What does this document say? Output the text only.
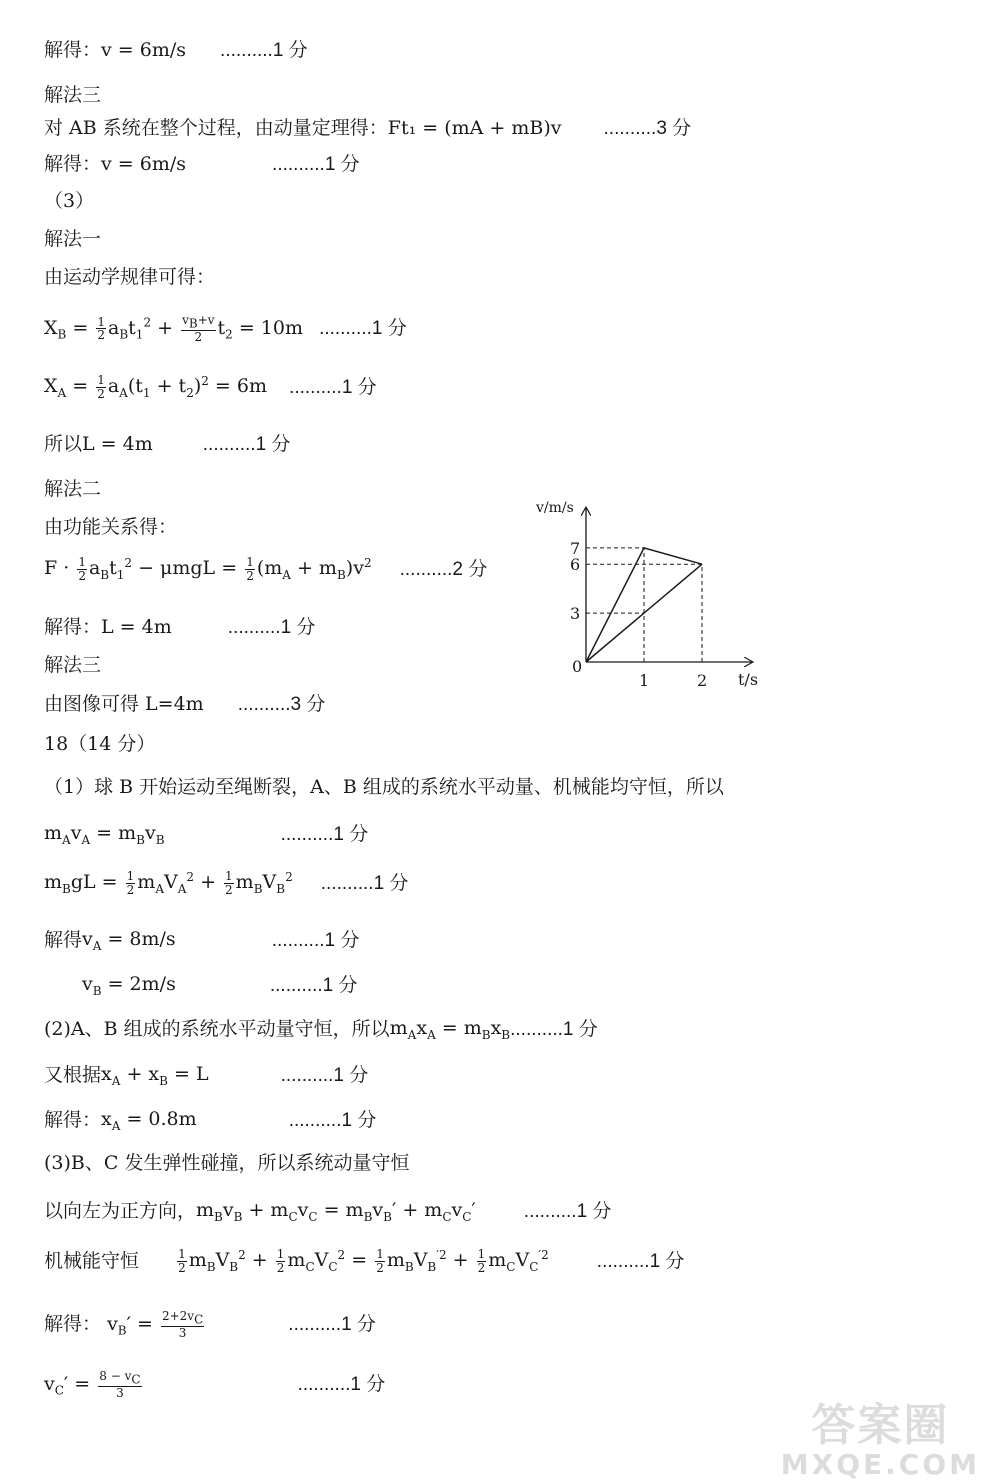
解得：v = 6m/s ..........1 分
解法三
对 AB 系统在整个过程，由动量定理得：Ft₁ = (mA + mB)v ..........3 分
解得：v = 6m/s	..........1 分
（3）
解法一
由运动学规律可得：
$X_B = \frac{1}{2} a_Bt_1^2 + \frac{v_B+v}{2} t_2 = 10m$ ..........1 分
$X_A = \frac{1}{2} a_A(t_1 + t_2)^2 = 6m$ ..........1 分
所以L = 4m	..........1 分
解法二
由功能关系得：
$F \cdot \frac{1}{2} a_Bt_1^2 - \mu mgL = \frac{1}{2} (m_A + m_B)v^2$ ..........2 分
解得：L = 4m	..........1 分
解法三
由图像可得 L=4m ..........3 分
18（14 分）
（1）球 B 开始运动至绳断裂，A、B 组成的系统水平动量、机械能均守恒，所以
$m_Av_A = m_Bv_B$	..........1 分
$m_BgL = \frac{1}{2} m_AV_A^2 + \frac{1}{2} m_BV_B^2$ ..........1 分
解得$v_A = 8m/s$	..........1 分
$v_B = 2m/s$	..........1 分
(2)A、B 组成的系统水平动量守恒，所以$m_Ax_A = m_Bx_B..........1$ 分
又根据$x_A + x_B = L$	..........1 分
解得：$x_A = 0.8m$	..........1 分
(3)B、C 发生弹性碰撞，所以系统动量守恒
以向左为正方向，$m_Bv_B + m_Cv_C = m_Bv_B' + m_Cv_C'$	..........1 分
机械能守恒	$\frac{1}{2} m_BV_B^2 + \frac{1}{2} m_CV_C^2 = \frac{1}{2} m_BV_B^{'2} + \frac{1}{2} m_CV_C^{'2}$	..........1 分
解得： $v_B' = \frac{2+2v_C}{3}$	..........1 分
$v_C' = \frac{8 - v_C}{3}$	..........1 分
v/m/s
t/s
0
1	2
3
6
7
答案圈
MXQE.COM
